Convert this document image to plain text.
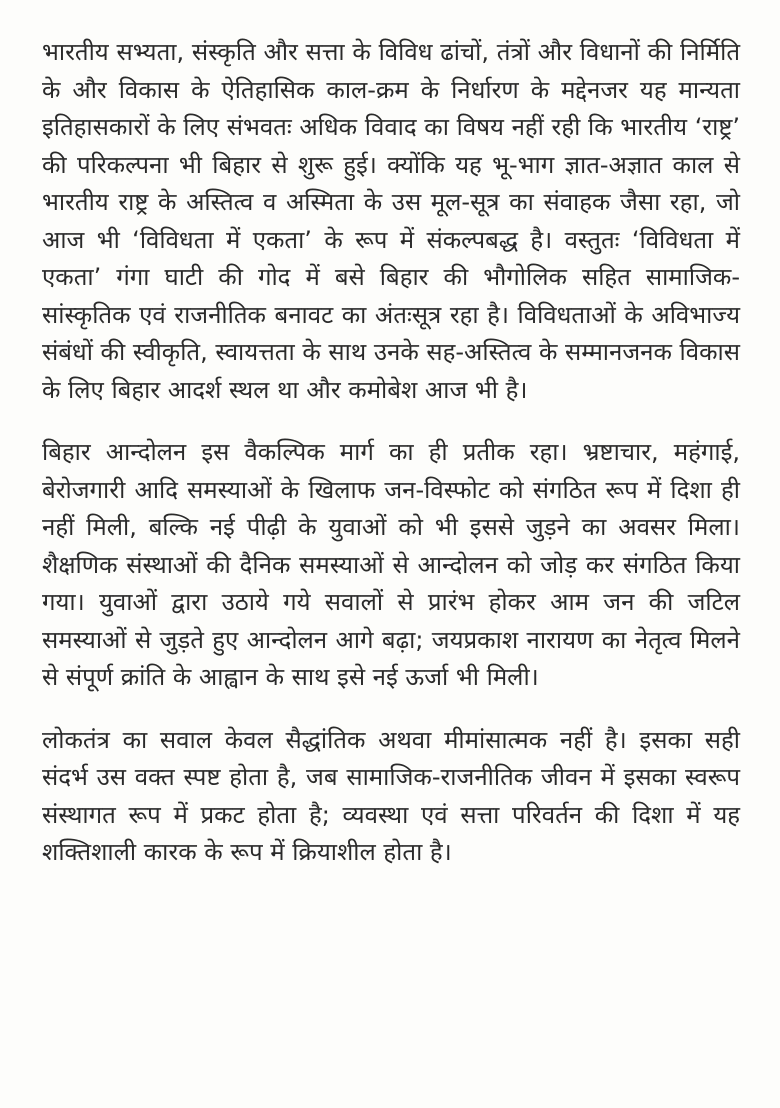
भारतीय सभ्यता, संस्कृति और सत्ता के विविध ढांचों, तंत्रों और विधानों की निर्मिति के और विकास के ऐतिहासिक काल-क्रम के निर्धारण के मद्देनजर यह मान्यता इतिहासकारों के लिए संभवतः अधिक विवाद का विषय नहीं रही कि भारतीय ‘राष्ट्र’ की परिकल्पना भी बिहार से शुरू हुई। क्योंकि यह भू-भाग ज्ञात-अज्ञात काल से भारतीय राष्ट्र के अस्तित्व व अस्मिता के उस मूल-सूत्र का संवाहक जैसा रहा, जो आज भी ‘विविधता में एकता’ के रूप में संकल्पबद्ध है। वस्तुतः ‘विविधता में एकता’ गंगा घाटी की गोद में बसे बिहार की भौगोलिक सहित सामाजिक-सांस्कृतिक एवं राजनीतिक बनावट का अंतःसूत्र रहा है। विविधताओं के अविभाज्य संबंधों की स्वीकृति, स्वायत्तता के साथ उनके सह-अस्तित्व के सम्मानजनक विकास के लिए बिहार आदर्श स्थल था और कमोबेश आज भी है।

बिहार आन्दोलन इस वैकल्पिक मार्ग का ही प्रतीक रहा। भ्रष्टाचार, महंगाई, बेरोजगारी आदि समस्याओं के खिलाफ जन-विस्फोट को संगठित रूप में दिशा ही नहीं मिली, बल्कि नई पीढ़ी के युवाओं को भी इससे जुड़ने का अवसर मिला। शैक्षणिक संस्थाओं की दैनिक समस्याओं से आन्दोलन को जोड़ कर संगठित किया गया। युवाओं द्वारा उठाये गये सवालों से प्रारंभ होकर आम जन की जटिल समस्याओं से जुड़ते हुए आन्दोलन आगे बढ़ा; जयप्रकाश नारायण का नेतृत्व मिलने से संपूर्ण क्रांति के आह्वान के साथ इसे नई ऊर्जा भी मिली।

लोकतंत्र का सवाल केवल सैद्धांतिक अथवा मीमांसात्मक नहीं है। इसका सही संदर्भ उस वक्त स्पष्ट होता है, जब सामाजिक-राजनीतिक जीवन में इसका स्वरूप संस्थागत रूप में प्रकट होता है; व्यवस्था एवं सत्ता परिवर्तन की दिशा में यह शक्तिशाली कारक के रूप में क्रियाशील होता है।
